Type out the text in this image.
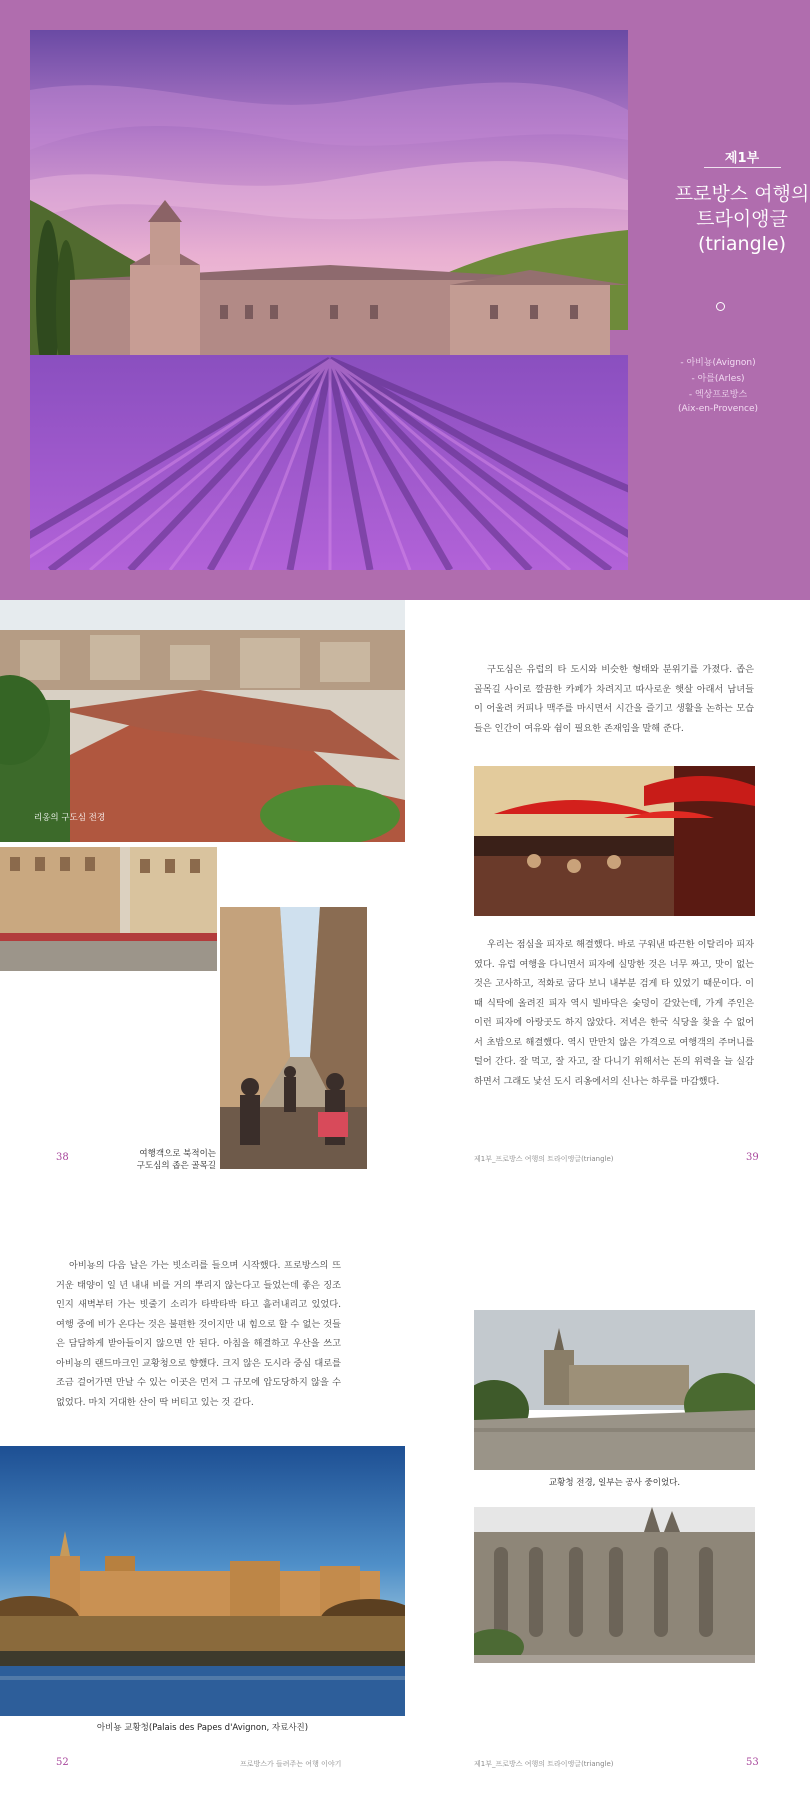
제1부
프로방스 여행의
트라이앵글
(triangle)
- 아비뇽(Avignon)
- 아를(Arles)
- 엑상프로방스
(Aix-en-Provence)
리옹의 구도심 전경
여행객으로 북적이는
구도심의 좁은 골목길
38
구도심은 유럽의 타 도시와 비슷한 형태와 분위기를 가졌다. 좁은 골목길 사이로 깔끔한 카페가 차려지고 따사로운 햇살 아래서 남녀들이 어울려 커피나 맥주를 마시면서 시간을 즐기고 생활을 논하는 모습들은 인간이 여유와 쉼이 필요한 존재임을 말해 준다.
우리는 점심을 피자로 해결했다. 바로 구워낸 따끈한 이탈리아 피자였다. 유럽 여행을 다니면서 피자에 실망한 것은 너무 짜고, 맛이 없는 것은 고사하고, 적화로 굽다 보니 내부분 검게 타 있었기 때문이다. 이때 식탁에 올려진 피자 역시 빌바닥은 숯덩이 같았는데, 가게 주인은 이런 피자에 아랑곳도 하지 않았다. 저녁은 한국 식당을 찾을 수 없어서 초밥으로 해결했다. 역시 만만치 않은 가격으로 여행객의 주머니를 털어 간다. 잘 먹고, 잘 자고, 잘 다니기 위해서는 돈의 위력을 늘 실감하면서 그래도 낯선 도시 리옹에서의 신나는 하루를 마감했다.
제1부_프로방스 여행의 트라이앵글(triangle)	39
아비뇽의 다음 날은 가는 빗소리를 들으며 시작했다. 프로방스의 뜨거운 태양이 일 년 내내 비를 거의 뿌리지 않는다고 들었는데 좋은 징조인지 새벽부터 가는 빗줄기 소리가 타박타박 타고 흘러내리고 있었다. 여행 중에 비가 온다는 것은 불편한 것이지만 내 힘으로 할 수 없는 것들은 담담하게 받아들이지 않으면 안 된다. 아침을 해결하고 우산을 쓰고 아비뇽의 랜드마크인 교황청으로 향했다. 크지 않은 도시라 중심 대로를 조금 걸어가면 만날 수 있는 이곳은 먼저 그 규모에 압도당하지 않을 수 없었다. 마치 거대한 산이 딱 버티고 있는 것 같다.
아비뇽 교황청(Palais des Papes d'Avignon, 자료사진)
교황청 전경, 일부는 공사 중이었다.
52	프로방스가 들려주는 여행 이야기	제1부_프로방스 여행의 트라이앵글(triangle)	53
